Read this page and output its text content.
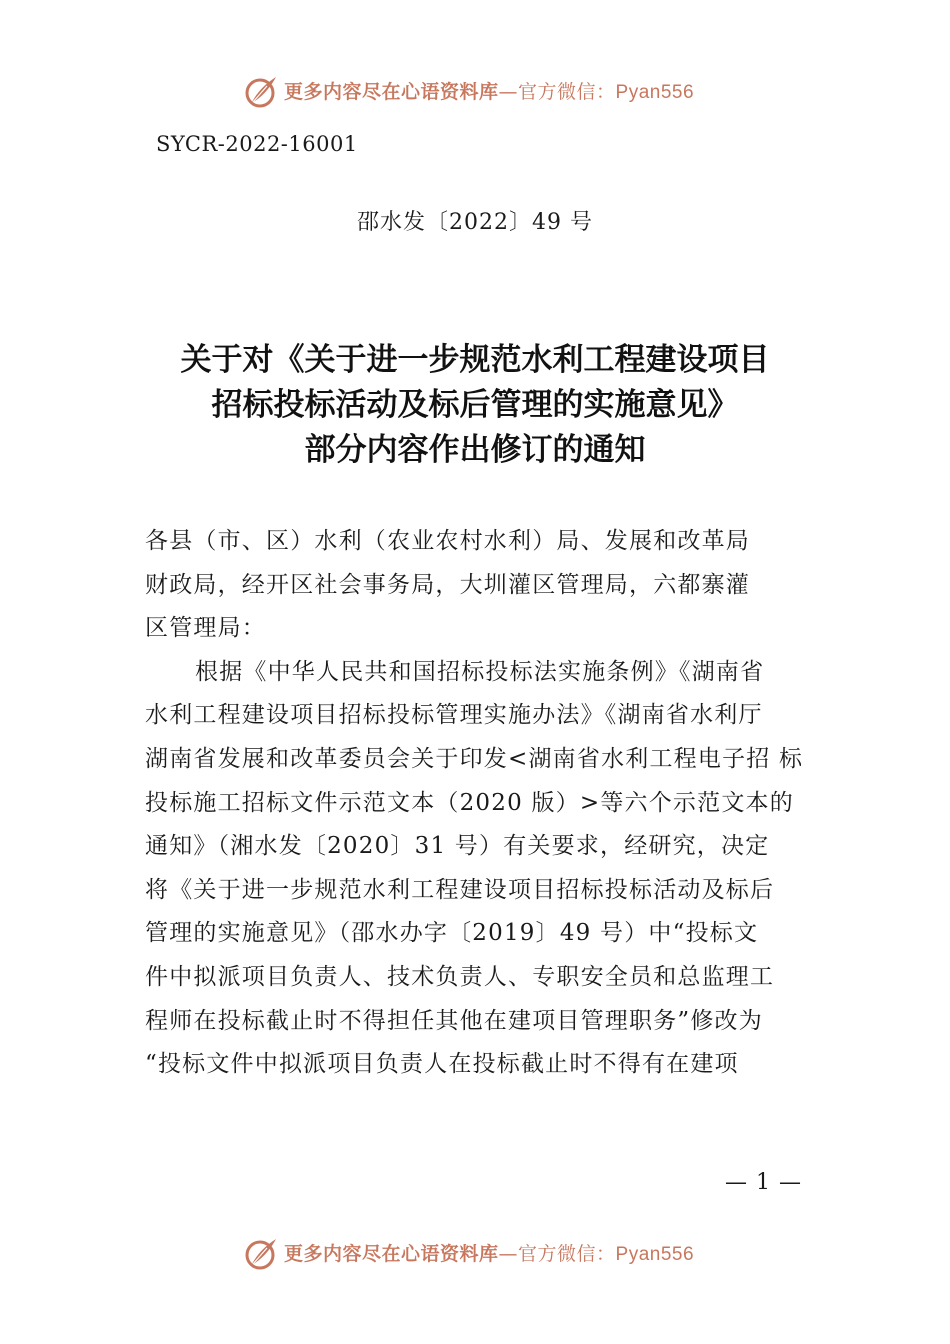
更多内容尽在心语资料库—官方微信：Pyan556
SYCR-2022-16001
邵水发〔2022〕49 号
关于对《关于进一步规范水利工程建设项目
招标投标活动及标后管理的实施意见》
部分内容作出修订的通知

各县（市、区）水利（农业农村水利）局、发展和改革局
财政局，经开区社会事务局，大圳灌区管理局，六都寨灌
区管理局：

根据《中华人民共和国招标投标法实施条例》《湖南省
水利工程建设项目招标投标管理实施办法》《湖南省水利厅
湖南省发展和改革委员会关于印发<湖南省水利工程电子招 标
投标施工招标文件示范文本（2020 版）>等六个示范文本的
通知》（湘水发〔2020〕31 号）有关要求，经研究，决定
将《关于进一步规范水利工程建设项目招标投标活动及标后
管理的实施意见》（邵水办字〔2019〕49 号）中“投标文
件中拟派项目负责人、技术负责人、专职安全员和总监理工
程师在投标截止时不得担任其他在建项目管理职务”修改为
“投标文件中拟派项目负责人在投标截止时不得有在建项

— 1 —
更多内容尽在心语资料库—官方微信：Pyan556
